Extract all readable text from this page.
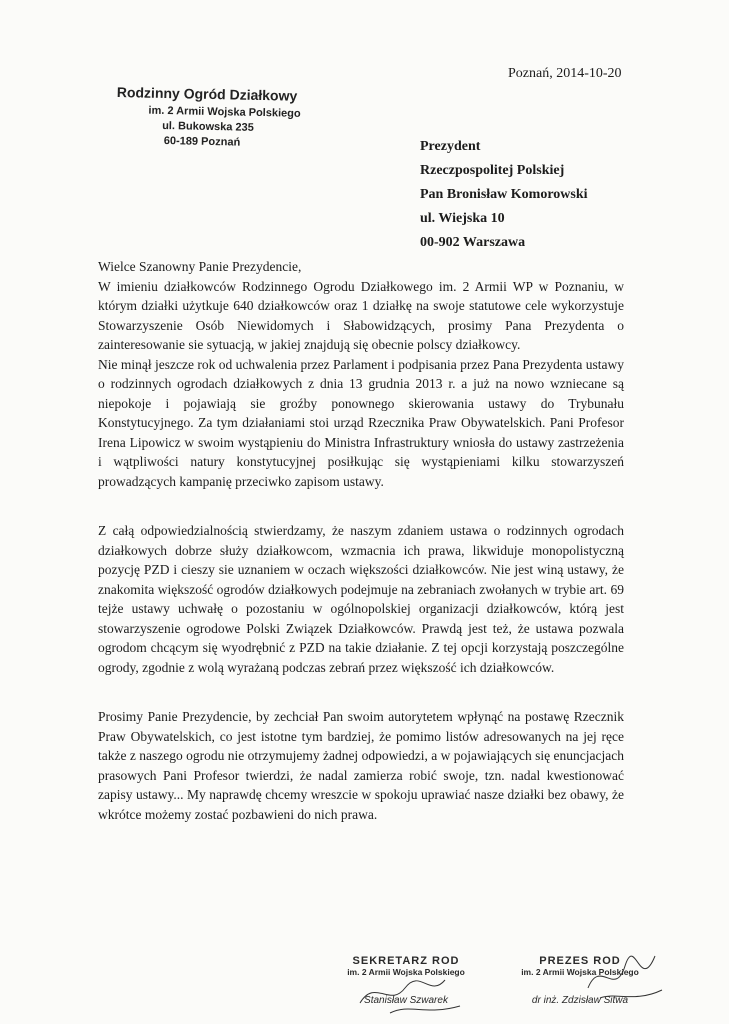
Poznań, 2014-10-20
Rodzinny Ogród Działkowy
im. 2 Armii Wojska Polskiego
ul. Bukowska 235
60-189 Poznań	Prezydent
Rzeczpospolitej Polskiej
Pan Bronisław Komorowski
ul. Wiejska 10
00-902 Warszawa

Wielce Szanowny Panie Prezydencie,

W imieniu działkowców Rodzinnego Ogrodu Działkowego im. 2 Armii WP w Poznaniu, w którym działki użytkuje 640 działkowców oraz 1 działkę na swoje statutowe cele wykorzystuje Stowarzyszenie Osób Niewidomych i Słabowidzących, prosimy Pana Prezydenta o zainteresowanie sie sytuacją, w jakiej znajdują się obecnie polscy działkowcy.

Nie minął jeszcze rok od uchwalenia przez Parlament i podpisania przez Pana Prezydenta ustawy o rodzinnych ogrodach działkowych z dnia 13 grudnia 2013 r. a już na nowo wzniecane są niepokoje i pojawiają sie groźby ponownego skierowania ustawy do Trybunału Konstytucyjnego. Za tym działaniami stoi urząd Rzecznika Praw Obywatelskich. Pani Profesor Irena Lipowicz w swoim wystąpieniu do Ministra Infrastruktury wniosła do ustawy zastrzeżenia i wątpliwości natury konstytucyjnej posiłkując się wystąpieniami kilku stowarzyszeń prowadzących kampanię przeciwko zapisom ustawy.

Z całą odpowiedzialnością stwierdzamy, że naszym zdaniem ustawa o rodzinnych ogrodach działkowych dobrze służy działkowcom, wzmacnia ich prawa, likwiduje monopolistyczną pozycję PZD i cieszy sie uznaniem w oczach większości działkowców. Nie jest winą ustawy, że znakomita większość ogrodów działkowych podejmuje na zebraniach zwołanych w trybie art. 69 tejże ustawy uchwałę o pozostaniu w ogólnopolskiej organizacji działkowców, którą jest stowarzyszenie ogrodowe Polski Związek Działkowców. Prawdą jest też, że ustawa pozwala ogrodom chcącym się wyodrębnić z PZD na takie działanie. Z tej opcji korzystają poszczególne ogrody, zgodnie z wolą wyrażaną podczas zebrań przez większość ich działkowców.

Prosimy Panie Prezydencie, by zechciał Pan swoim autorytetem wpłynąć na postawę Rzecznik Praw Obywatelskich, co jest istotne tym bardziej, że pomimo listów adresowanych na jej ręce także z naszego ogrodu nie otrzymujemy żadnej odpowiedzi, a w pojawiających się enuncjacjach prasowych Pani Profesor twierdzi, że nadal zamierza robić swoje, tzn. nadal kwestionować zapisy ustawy... My naprawdę chcemy wreszcie w spokoju uprawiać nasze działki bez obawy, że wkrótce możemy zostać pozbawieni do nich prawa.

SEKRETARZ ROD
im. 2 Armii Wojska Polskiego
Stanisław Szwarek
PREZES ROD
im. 2 Armii Wojska Polskiego
dr inż. Zdzisław Sitwa
